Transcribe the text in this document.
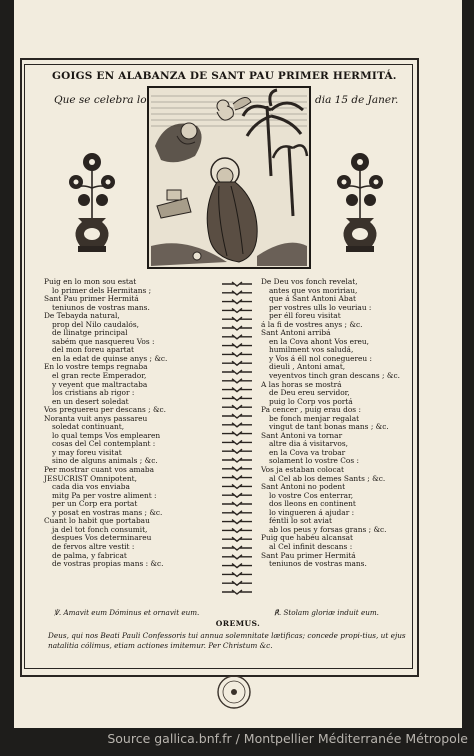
GOIGS EN ALABANZA DE SANT PAU PRIMER HERMITÁ.
Que se celebra lo	dia 15 de Janer.
Puig en lo mon sou estat
lo primer dels Hermitans ;
Sant Pau primer Hermitá
teniunos de vostras mans.
De Tebayda natural,
prop del Nilo caudalós,
de llinatge principal
sabém que nasquereu Vos :
del mon foreu apartat
en la edat de quinse anys ; &c.
En lo vostre temps regnaba
el gran recte Emperador,
y veyent que maltractaba
los cristians ab rigor :
en un desert soledat
Vos preguereu per descans ; &c.
Noranta vuit anys passareu
soledat continuant,
lo qual temps Vos emplearen
cosas del Cel contemplant :
y may foreu visitat
sino de alguns animals ; &c.
Per mostrar cuant vos amaba
JESUCRIST Omnipotent,
cada dia vos enviaba
mitg Pa per vostre aliment :
per un Corp era portat
y posat en vostras mans ; &c.
Cuant lo habit que portabau
ja del tot fonch consumit,
despues Vos determinareu
de fervos altre vestit :
de palma, y fabricat
de vostras propias mans : &c.
De Deu vos fonch revelat,
antes que vos moririau,
que á Sant Antoni Abat
per vostres ulls lo veuriau :
per éll foreu visitat
á la fi de vostres anys ; &c.
Sant Antoni arribá
en la Cova ahont Vos ereu,
humilment vos saludá,
y Vos á éll nol coneguereu :
dieuli , Antoni amat,
veyentvos tinch gran descans ; &c.
A las horas se mostrá
de Deu ereu servidor,
puig lo Corp vos portá
Pa cencer , puig erau dos :
be fonch menjar regalat
vingut de tant bonas mans ; &c.
Sant Antoni va tornar
altre dia á visitarvos,
en la Cova va trobar
solament lo vostre Cos :
Vos ja estaban colocat
al Cel ab los demes Sants ; &c.
Sant Antoni no podent
lo vostre Cos enterrar,
dos lleons en continent
lo vingueren á ajudar :
féntli lo sot aviat
ab los peus y forsas grans ; &c.
Puig que habéu alcansat
al Cel infinit descans :
Sant Pau primer Hermitá
teniunos de vostras mans.
℣. Amavit eum Dóminus et ornavit eum.	℟. Stolam gloriæ induit eum.
OREMUS.
Deus, qui nos Beati Pauli Confessoris tui annua solemnitate lætificas; concede propi-tius, ut ejus natalitia cólimus, etiam actiones imitemur. Per Christum &c.
Source gallica.bnf.fr / Montpellier Méditerranée Métropole
